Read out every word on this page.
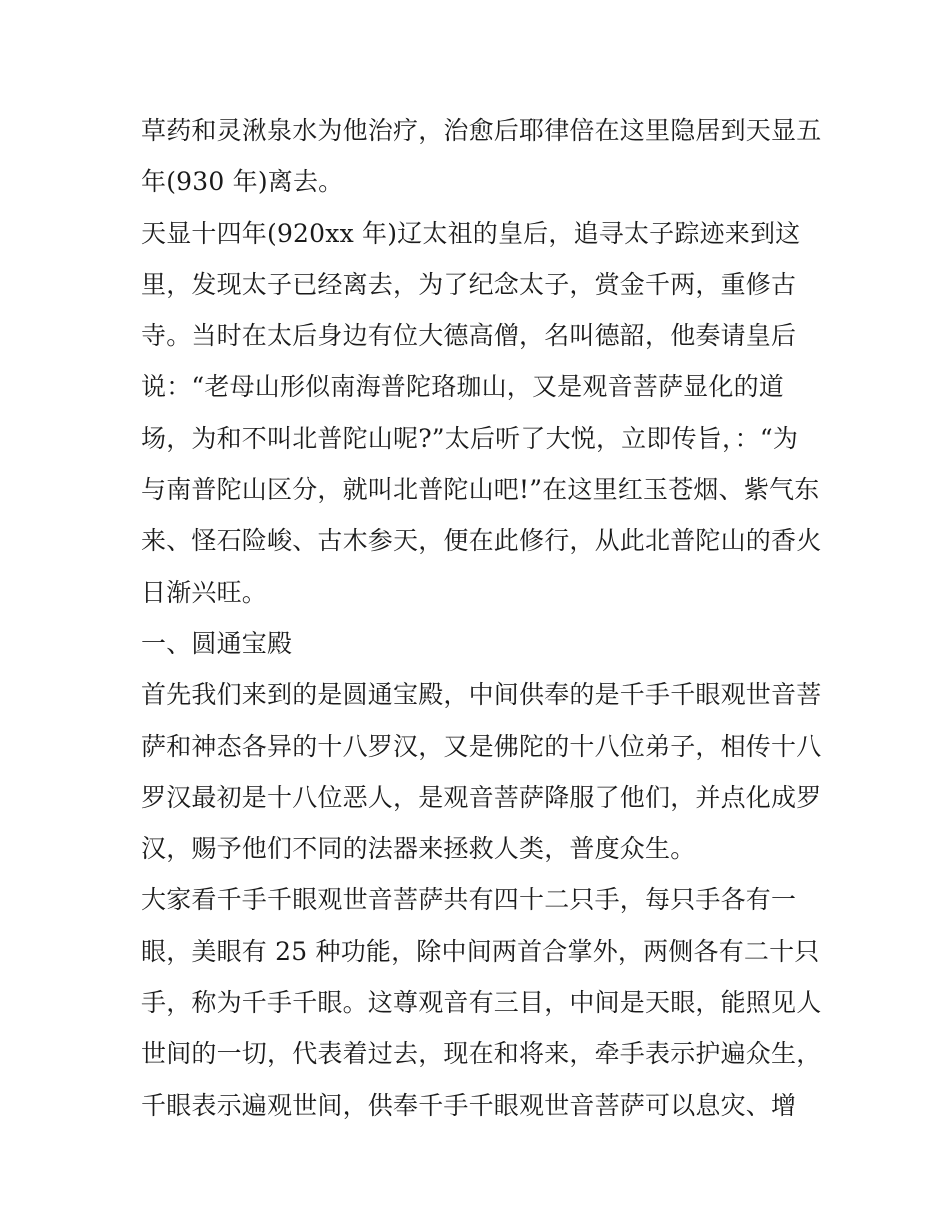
草药和灵湫泉水为他治疗，治愈后耶律倍在这里隐居到天显五
年(930 年)离去。
天显十四年(920xx 年)辽太祖的皇后，追寻太子踪迹来到这
里，发现太子已经离去，为了纪念太子，赏金千两，重修古
寺。当时在太后身边有位大德高僧，名叫德韶，他奏请皇后
说：“老母山形似南海普陀珞珈山，又是观音菩萨显化的道
场，为和不叫北普陀山呢?”太后听了大悦，立即传旨，：“为
与南普陀山区分，就叫北普陀山吧!”在这里红玉苍烟、紫气东
来、怪石险峻、古木参天，便在此修行，从此北普陀山的香火
日渐兴旺。
一、圆通宝殿
首先我们来到的是圆通宝殿，中间供奉的是千手千眼观世音菩
萨和神态各异的十八罗汉，又是佛陀的十八位弟子，相传十八
罗汉最初是十八位恶人，是观音菩萨降服了他们，并点化成罗
汉，赐予他们不同的法器来拯救人类，普度众生。
大家看千手千眼观世音菩萨共有四十二只手，每只手各有一
眼，美眼有 25 种功能，除中间两首合掌外，两侧各有二十只
手，称为千手千眼。这尊观音有三目，中间是天眼，能照见人
世间的一切，代表着过去，现在和将来，牵手表示护遍众生，
千眼表示遍观世间，供奉千手千眼观世音菩萨可以息灾、增
